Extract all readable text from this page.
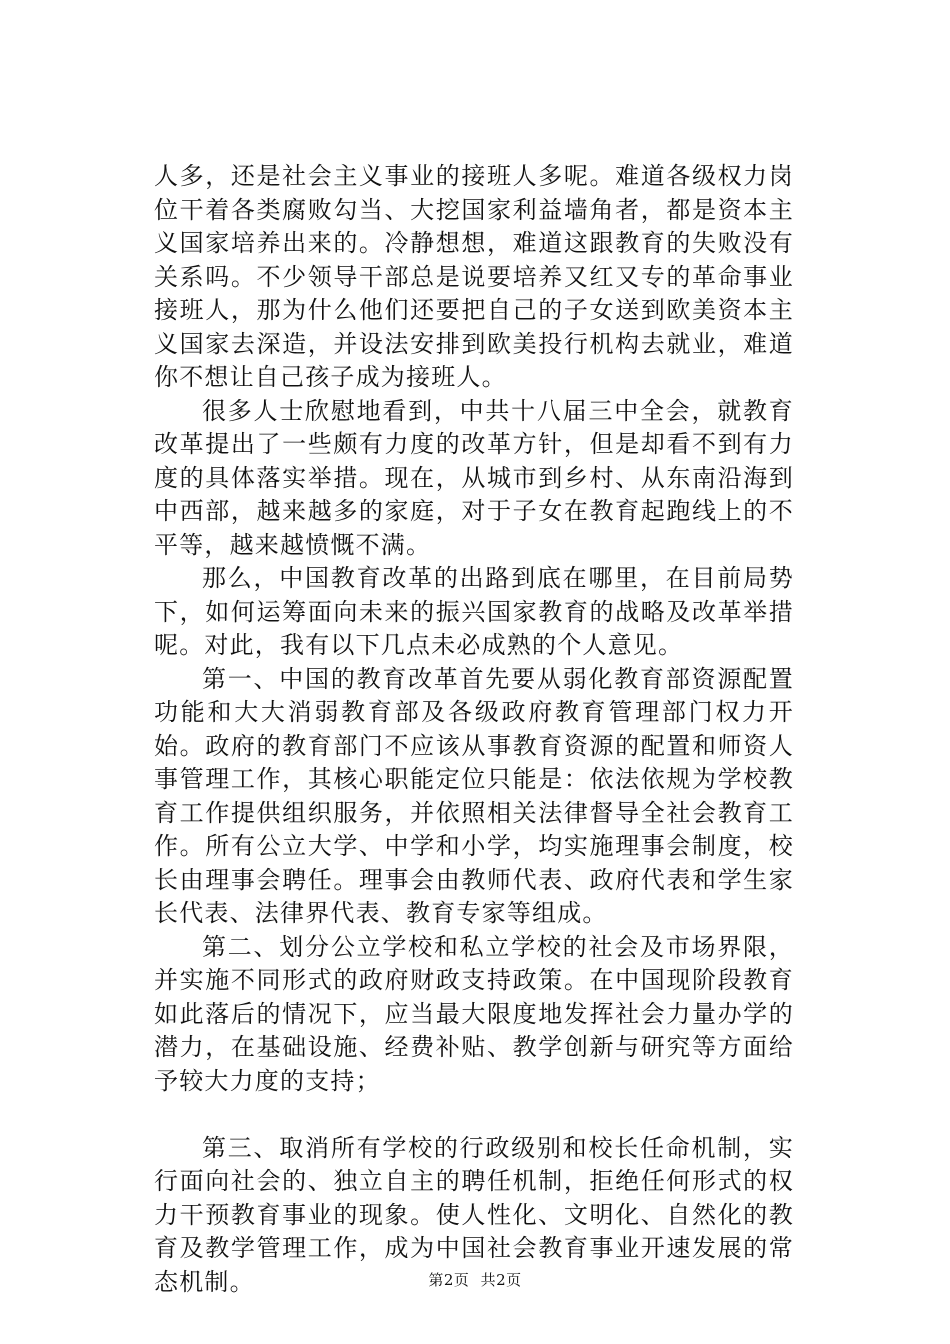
人多，还是社会主义事业的接班人多呢。难道各级权力岗位干着各类腐败勾当、大挖国家利益墙角者，都是资本主义国家培养出来的。冷静想想，难道这跟教育的失败没有关系吗。不少领导干部总是说要培养又红又专的革命事业接班人，那为什么他们还要把自己的子女送到欧美资本主义国家去深造，并设法安排到欧美投行机构去就业，难道你不想让自己孩子成为接班人。

很多人士欣慰地看到，中共十八届三中全会，就教育改革提出了一些颇有力度的改革方针，但是却看不到有力度的具体落实举措。现在，从城市到乡村、从东南沿海到中西部，越来越多的家庭，对于子女在教育起跑线上的不平等，越来越愤慨不满。

那么，中国教育改革的出路到底在哪里，在目前局势下，如何运筹面向未来的振兴国家教育的战略及改革举措呢。对此，我有以下几点未必成熟的个人意见。

第一、中国的教育改革首先要从弱化教育部资源配置功能和大大消弱教育部及各级政府教育管理部门权力开始。政府的教育部门不应该从事教育资源的配置和师资人事管理工作，其核心职能定位只能是：依法依规为学校教育工作提供组织服务，并依照相关法律督导全社会教育工作。所有公立大学、中学和小学，均实施理事会制度，校长由理事会聘任。理事会由教师代表、政府代表和学生家长代表、法律界代表、教育专家等组成。

第二、划分公立学校和私立学校的社会及市场界限，并实施不同形式的政府财政支持政策。在中国现阶段教育如此落后的情况下，应当最大限度地发挥社会力量办学的潜力，在基础设施、经费补贴、教学创新与研究等方面给予较大力度的支持；

第三、取消所有学校的行政级别和校长任命机制，实行面向社会的、独立自主的聘任机制，拒绝任何形式的权力干预教育事业的现象。使人性化、文明化、自然化的教育及教学管理工作，成为中国社会教育事业开速发展的常态机制。	第2页 共2页
